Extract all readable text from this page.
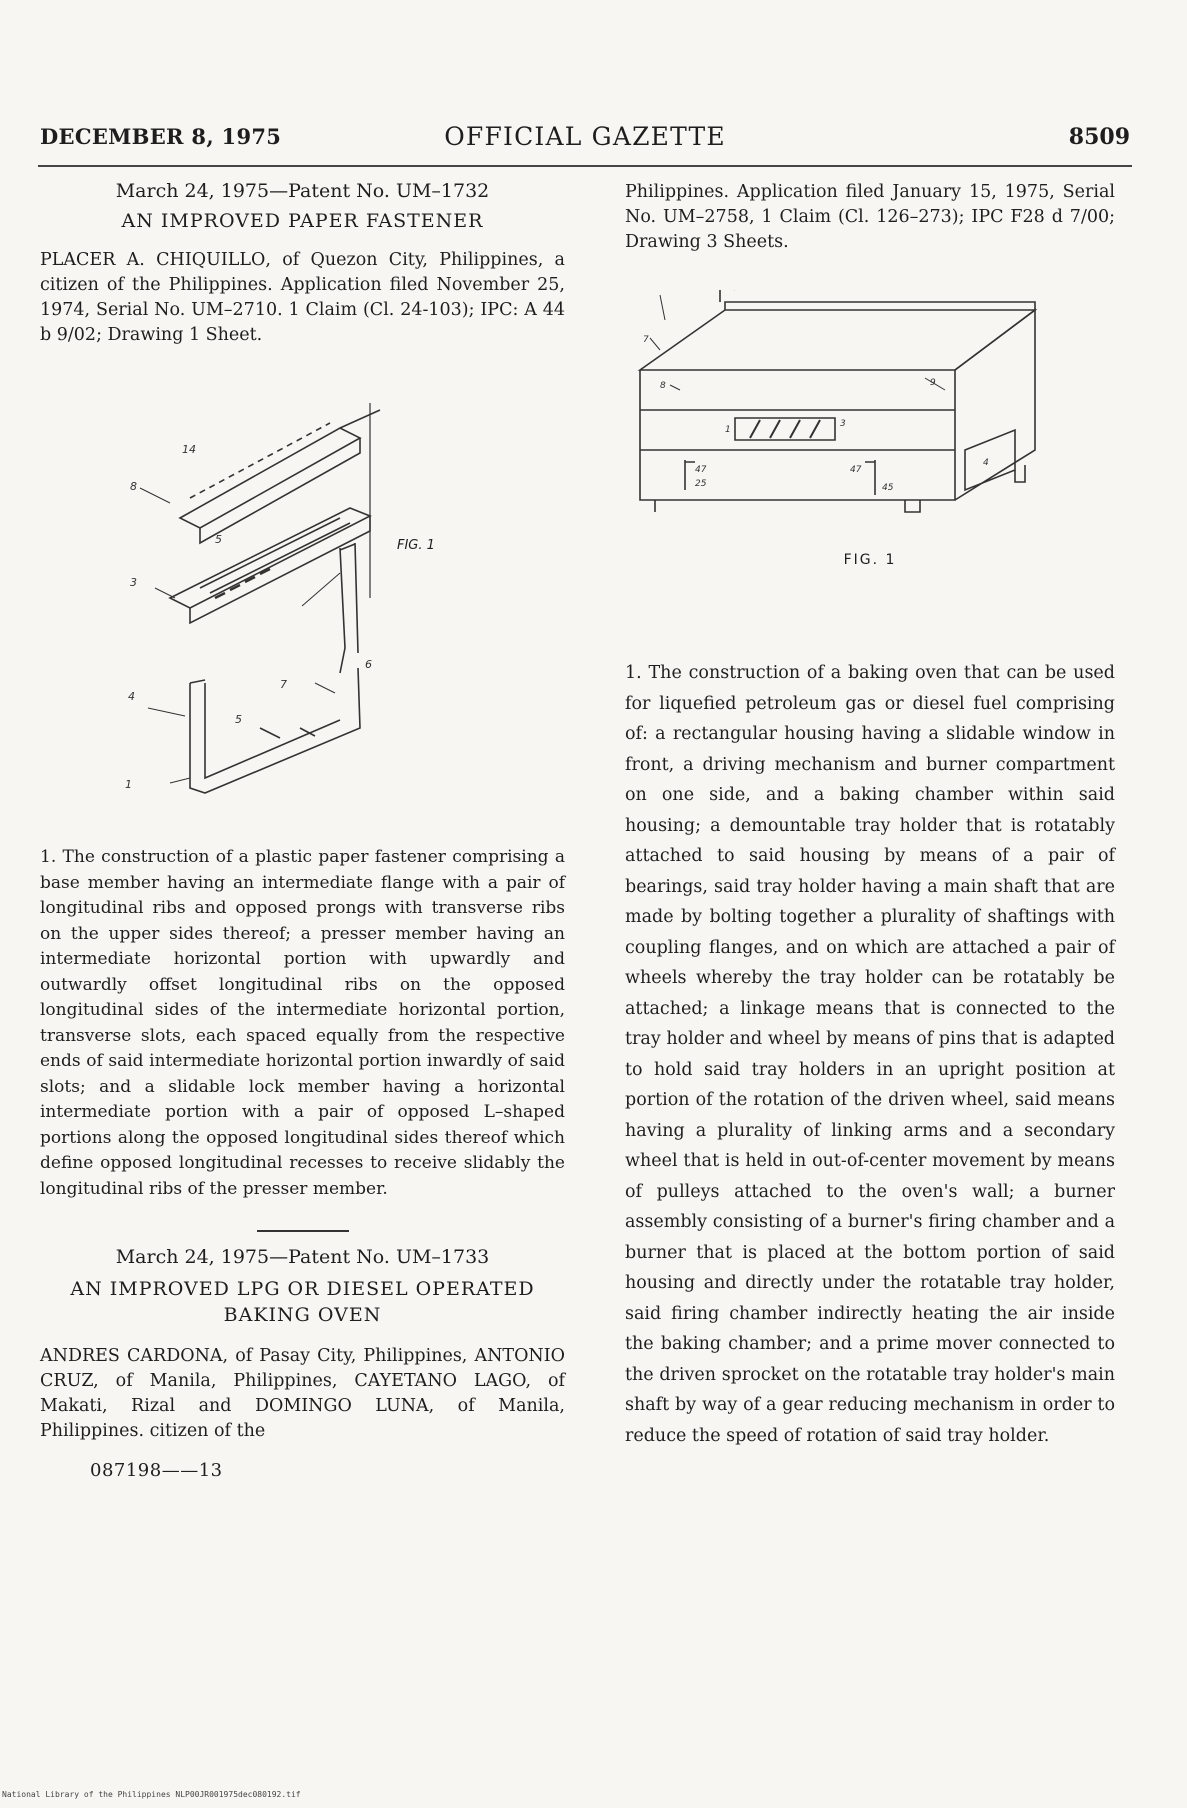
DECEMBER 8, 1975	OFFICIAL GAZETTE	8509
March 24, 1975—Patent No. UM–1732
AN IMPROVED PAPER FASTENER
PLACER A. CHIQUILLO, of Quezon City, Philippines, a citizen of the Philippines. Application filed November 25, 1974, Serial No. UM–2710. 1 Claim (Cl. 24-103); IPC: A 44 b 9/02; Drawing 1 Sheet.
14
8
5
3
4
1
7
6
5
FIG. 1
1. The construction of a plastic paper fastener comprising a base member having an intermediate flange with a pair of longitudinal ribs and opposed prongs with transverse ribs on the upper sides thereof; a presser member having an intermediate horizontal portion with upwardly and outwardly offset longitudinal ribs on the opposed longitudinal sides of the intermediate horizontal portion, transverse slots, each spaced equally from the respective ends of said intermediate horizontal portion inwardly of said slots; and a slidable lock member having a horizontal intermediate portion with a pair of opposed L–shaped portions along the opposed longitudinal sides thereof which define opposed longitudinal recesses to receive slidably the longitudinal ribs of the presser member.
March 24, 1975—Patent No. UM–1733
AN IMPROVED LPG OR DIESEL OPERATED BAKING OVEN
ANDRES CARDONA, of Pasay City, Philippines, ANTONIO CRUZ, of Manila, Philippines, CAYETANO LAGO, of Makati, Rizal and DOMINGO LUNA, of Manila, Philippines. citizen of the
087198——13
Philippines. Application filed January 15, 1975, Serial No. UM–2758, 1 Claim (Cl. 126–273); IPC F28 d 7/00; Drawing 3 Sheets.
7
8	9
1
3
47
25
47
45
4
FIG. 1
1. The construction of a baking oven that can be used for liquefied petroleum gas or diesel fuel comprising of: a rectangular housing having a slidable window in front, a driving mechanism and burner compartment on one side, and a baking chamber within said housing; a demountable tray holder that is rotatably attached to said housing by means of a pair of bearings, said tray holder having a main shaft that are made by bolting together a plurality of shaftings with coupling flanges, and on which are attached a pair of wheels whereby the tray holder can be rotatably be attached; a linkage means that is connected to the tray holder and wheel by means of pins that is adapted to hold said tray holders in an upright position at portion of the rotation of the driven wheel, said means having a plurality of linking arms and a secondary wheel that is held in out-of-center movement by means of pulleys attached to the oven's wall; a burner assembly consisting of a burner's firing chamber and a burner that is placed at the bottom portion of said housing and directly under the rotatable tray holder, said firing chamber indirectly heating the air inside the baking chamber; and a prime mover connected to the driven sprocket on the rotatable tray holder's main shaft by way of a gear reducing mechanism in order to reduce the speed of rotation of said tray holder.
National Library of the Philippines NLP00JR001975dec080192.tif
